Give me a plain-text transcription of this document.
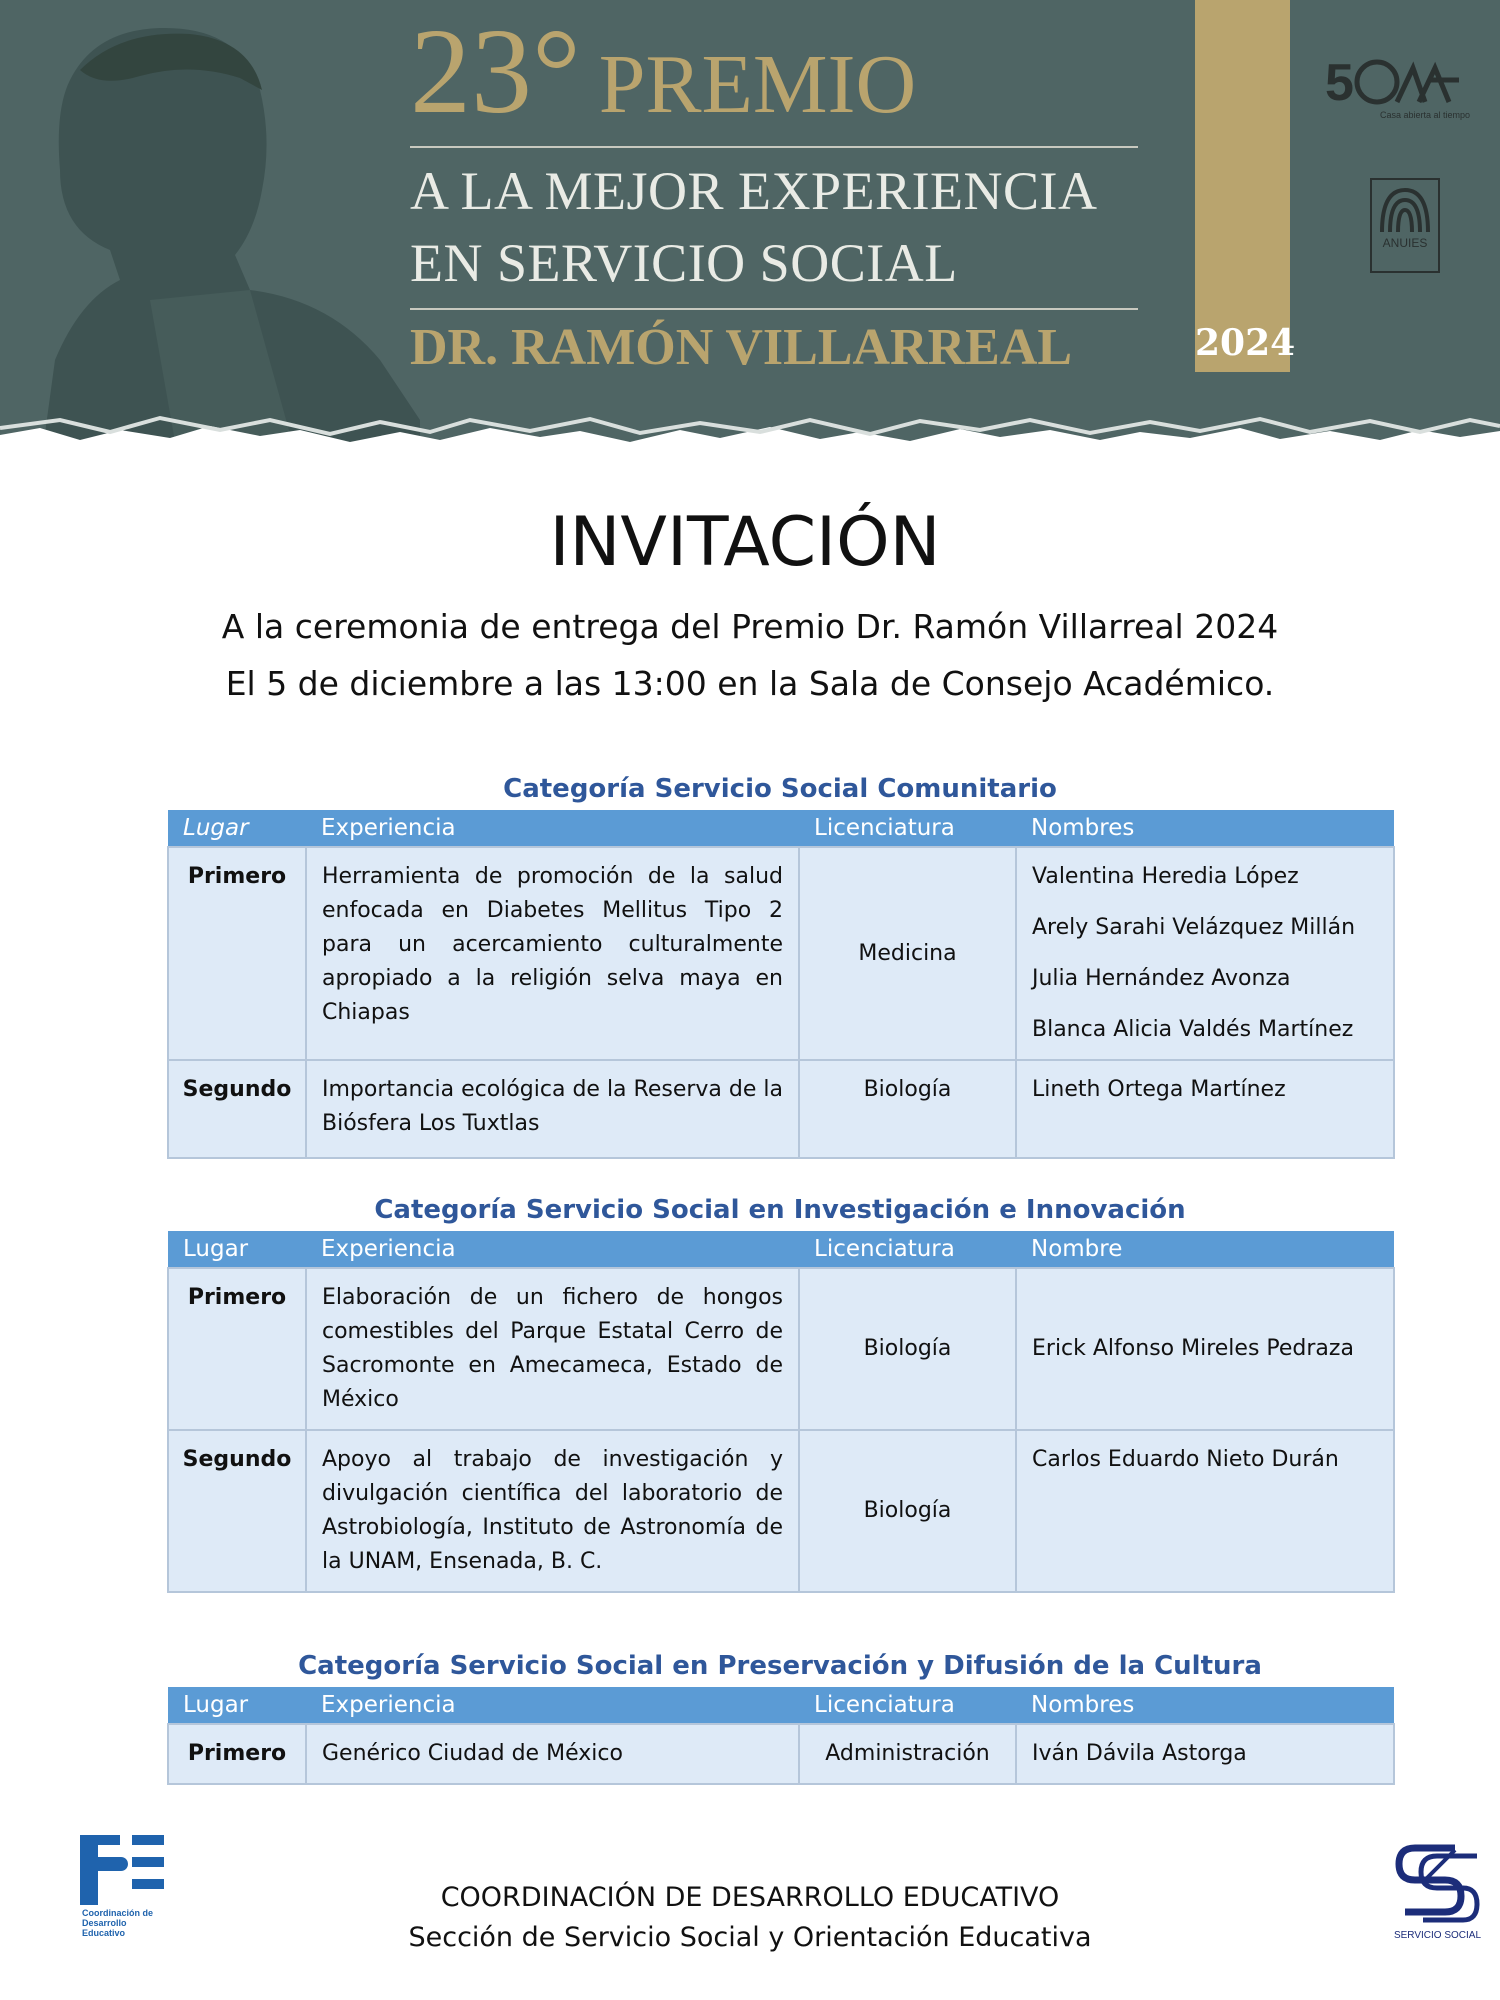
23° PREMIO
A LA MEJOR EXPERIENCIA
EN SERVICIO SOCIAL
DR. RAMÓN VILLARREAL	2024
5
Casa abierta al tiempo
ANUIES
INVITACIÓN
A la ceremonia de entrega del Premio Dr. Ramón Villarreal 2024
El 5 de diciembre a las 13:00 en la Sala de Consejo Académico.
Categoría Servicio Social Comunitario
Lugar	Experiencia	Licenciatura	Nombres
Primero	Herramienta de promoción de la salud enfocada en Diabetes Mellitus Tipo 2 para un acercamiento culturalmente apropiado a la religión selva maya en Chiapas	Medicina	Valentina Heredia López
Arely Sarahi Velázquez Millán
Julia Hernández Avonza
Blanca Alicia Valdés Martínez

Segundo	Importancia ecológica de la Reserva de la Biósfera Los Tuxtlas	Biología	Lineth Ortega Martínez
Categoría Servicio Social en Investigación e Innovación
Lugar	Experiencia	Licenciatura	Nombre
Primero	Elaboración de un fichero de hongos comestibles del Parque Estatal Cerro de Sacromonte en Amecameca, Estado de México	Biología	Erick Alfonso Mireles Pedraza

Segundo	Apoyo al trabajo de investigación y divulgación científica del laboratorio de Astrobiología, Instituto de Astronomía de la UNAM, Ensenada, B. C.	Biología	Carlos Eduardo Nieto Durán
Categoría Servicio Social en Preservación y Difusión de la Cultura
Lugar	Experiencia	Licenciatura	Nombres
Primero	Genérico Ciudad de México	Administración	Iván Dávila Astorga
Coordinación de Desarrollo Educativo
COORDINACIÓN DE DESARROLLO EDUCATIVO
Sección de Servicio Social y Orientación Educativa	SERVICIO SOCIAL
